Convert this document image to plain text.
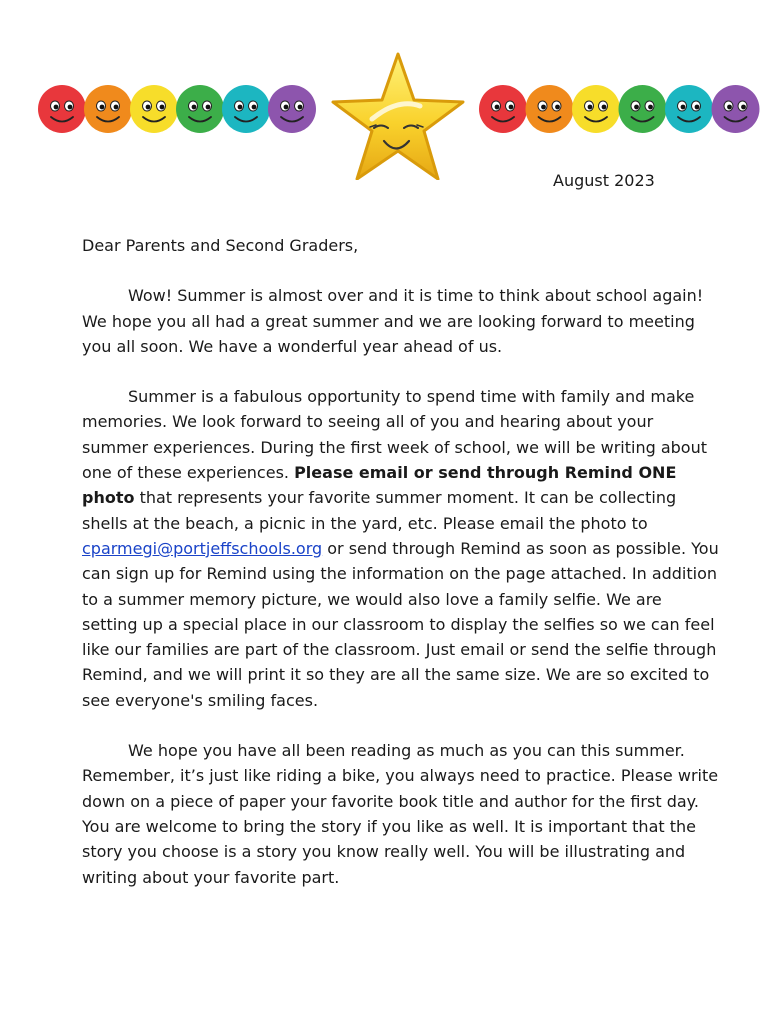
August 2023

Dear Parents and Second Graders,

Wow! Summer is almost over and it is time to think about school again! We hope you all had a great summer and we are looking forward to meeting you all soon. We have a wonderful year ahead of us.

Summer is a fabulous opportunity to spend time with family and make memories. We look forward to seeing all of you and hearing about your summer experiences. During the first week of school, we will be writing about one of these experiences. Please email or send through Remind ONE photo that represents your favorite summer moment. It can be collecting shells at the beach, a picnic in the yard, etc. Please email the photo to cparmegi@portjeffschools.org or send through Remind as soon as possible. You can sign up for Remind using the information on the page attached. In addition to a summer memory picture, we would also love a family selfie. We are setting up a special place in our classroom to display the selfies so we can feel like our families are part of the classroom. Just email or send the selfie through Remind, and we will print it so they are all the same size. We are so excited to see everyone's smiling faces.

We hope you have all been reading as much as you can this summer. Remember, it’s just like riding a bike, you always need to practice. Please write down on a piece of paper your favorite book title and author for the first day. You are welcome to bring the story if you like as well. It is important that the story you choose is a story you know really well. You will be illustrating and writing about your favorite part.
